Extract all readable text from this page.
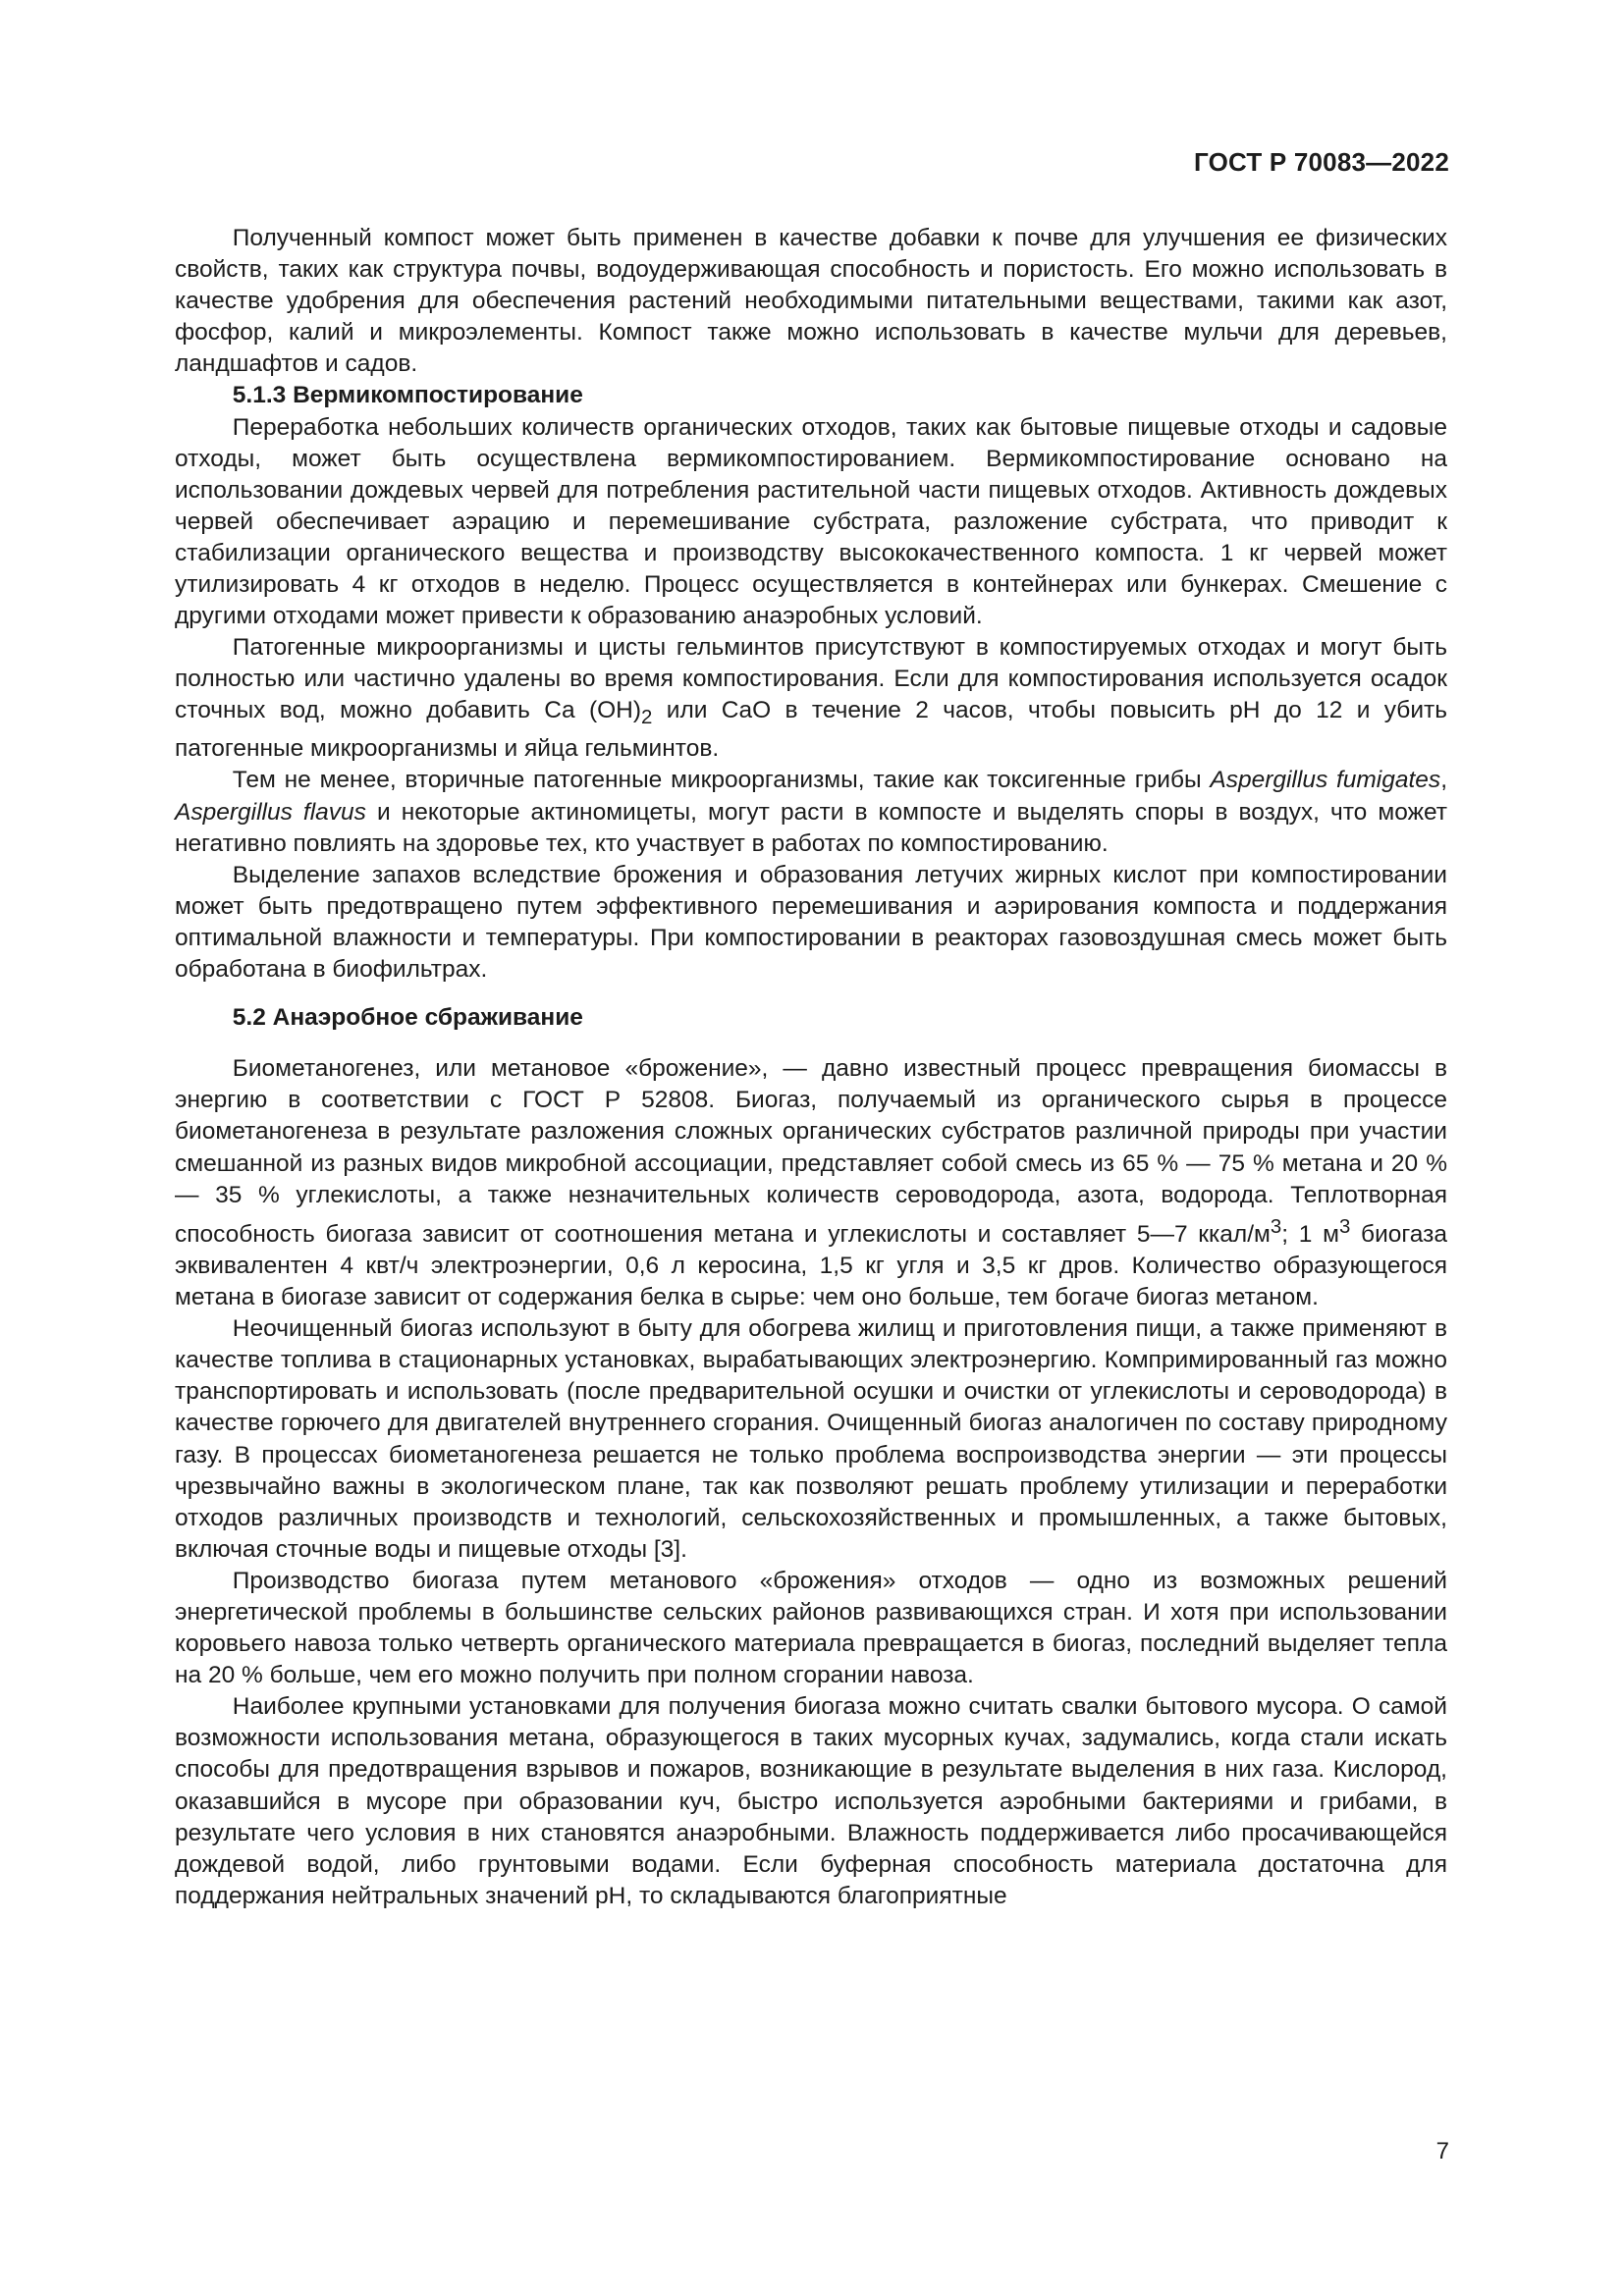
ГОСТ Р 70083—2022

Полученный компост может быть применен в качестве добавки к почве для улучшения ее физических свойств, таких как структура почвы, водоудерживающая способность и пористость. Его можно использовать в качестве удобрения для обеспечения растений необходимыми питательными веществами, такими как азот, фосфор, калий и микроэлементы. Компост также можно использовать в качестве мульчи для деревьев, ландшафтов и садов.

5.1.3 Вермикомпостирование

Переработка небольших количеств органических отходов, таких как бытовые пищевые отходы и садовые отходы, может быть осуществлена вермикомпостированием. Вермикомпостирование основано на использовании дождевых червей для потребления растительной части пищевых отходов. Активность дождевых червей обеспечивает аэрацию и перемешивание субстрата, разложение субстрата, что приводит к стабилизации органического вещества и производству высококачественного компоста. 1 кг червей может утилизировать 4 кг отходов в неделю. Процесс осуществляется в контейнерах или бункерах. Смешение с другими отходами может привести к образованию анаэробных условий.

Патогенные микроорганизмы и цисты гельминтов присутствуют в компостируемых отходах и могут быть полностью или частично удалены во время компостирования. Если для компостирования используется осадок сточных вод, можно добавить Ca $(OH)_2$ или CaO в течение 2 часов, чтобы повысить pH до 12 и убить патогенные микроорганизмы и яйца гельминтов.

Тем не менее, вторичные патогенные микроорганизмы, такие как токсигенные грибы Aspergillus fumigates, Aspergillus flavus и некоторые актиномицеты, могут расти в компосте и выделять споры в воздух, что может негативно повлиять на здоровье тех, кто участвует в работах по компостированию.

Выделение запахов вследствие брожения и образования летучих жирных кислот при компостировании может быть предотвращено путем эффективного перемешивания и аэрирования компоста и поддержания оптимальной влажности и температуры. При компостировании в реакторах газовоздушная смесь может быть обработана в биофильтрах.

5.2 Анаэробное сбраживание

Биометаногенез, или метановое «брожение», — давно известный процесс превращения биомассы в энергию в соответствии с ГОСТ Р 52808. Биогаз, получаемый из органического сырья в процессе биометаногенеза в результате разложения сложных органических субстратов различной природы при участии смешанной из разных видов микробной ассоциации, представляет собой смесь из 65 % — 75 % метана и 20 % — 35 % углекислоты, а также незначительных количеств сероводорода, азота, водорода. Теплотворная способность биогаза зависит от соотношения метана и углекислоты и составляет 5—7 ккал/$м^3$; 1 $м^3$ биогаза эквивалентен 4 квт/ч электроэнергии, 0,6 л керосина, 1,5 кг угля и 3,5 кг дров. Количество образующегося метана в биогазе зависит от содержания белка в сырье: чем оно больше, тем богаче биогаз метаном.

Неочищенный биогаз используют в быту для обогрева жилищ и приготовления пищи, а также применяют в качестве топлива в стационарных установках, вырабатывающих электроэнергию. Компримированный газ можно транспортировать и использовать (после предварительной осушки и очистки от углекислоты и сероводорода) в качестве горючего для двигателей внутреннего сгорания. Очищенный биогаз аналогичен по составу природному газу. В процессах биометаногенеза решается не только проблема воспроизводства энергии — эти процессы чрезвычайно важны в экологическом плане, так как позволяют решать проблему утилизации и переработки отходов различных производств и технологий, сельскохозяйственных и промышленных, а также бытовых, включая сточные воды и пищевые отходы [3].

Производство биогаза путем метанового «брожения» отходов — одно из возможных решений энергетической проблемы в большинстве сельских районов развивающихся стран. И хотя при использовании коровьего навоза только четверть органического материала превращается в биогаз, последний выделяет тепла на 20 % больше, чем его можно получить при полном сгорании навоза.

Наиболее крупными установками для получения биогаза можно считать свалки бытового мусора. О самой возможности использования метана, образующегося в таких мусорных кучах, задумались, когда стали искать способы для предотвращения взрывов и пожаров, возникающие в результате выделения в них газа. Кислород, оказавшийся в мусоре при образовании куч, быстро используется аэробными бактериями и грибами, в результате чего условия в них становятся анаэробными. Влажность поддерживается либо просачивающейся дождевой водой, либо грунтовыми водами. Если буферная способность материала достаточна для поддержания нейтральных значений pH, то складываются благоприятные

7
